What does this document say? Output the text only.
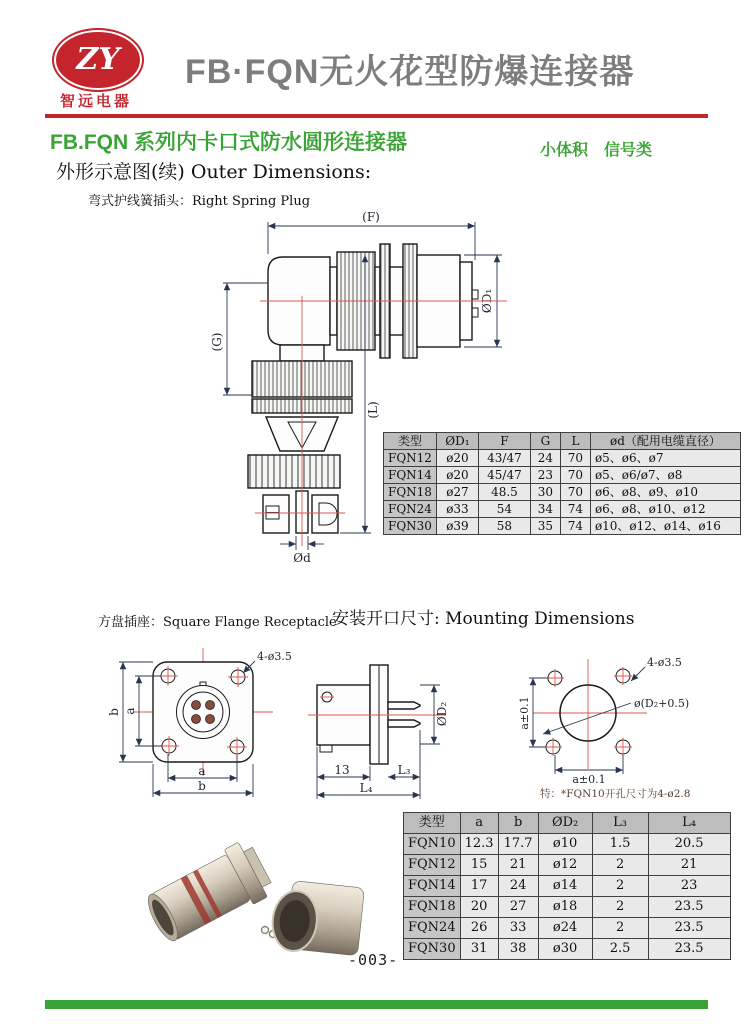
ZY
智远电器
FB·FQN无火花型防爆连接器
FB.FQN 系列内卡口式防水圆形连接器	小体积　信号类
外形示意图(续) Outer Dimensions:
弯式护线簧插头：Right Spring Plug
(F)
ØD₁
(G)
(L)
Ød
类型	ØD₁	F	G	L	ød（配用电缆直径）
FQN12	ø20	43/47	24	70	ø5、ø6、ø7
FQN14	ø20	45/47	23	70	ø5、ø6/ø7、ø8
FQN18	ø27	48.5	30	70	ø6、ø8、ø9、ø10
FQN24	ø33	54	34	74	ø6、ø8、ø10、ø12
FQN30	ø39	58	35	74	ø10、ø12、ø14、ø16
方盘插座：Square Flange Receptacle
安装开口尺寸: Mounting Dimensions
4-ø3.5
b a
a
b
ØD₂
13	L₃
L₄
4-ø3.5
ø(D₂+0.5)
a±0.1
a±0.1
特：*FQN10开孔尺寸为4-ø2.8
类型	a	b	ØD₂	L₃	L₄
FQN10	12.3	17.7	ø10	1.5	20.5
FQN12	15	21	ø12	2	21
FQN14	17	24	ø14	2	23
FQN18	20	27	ø18	2	23.5
FQN24	26	33	ø24	2	23.5
FQN30	31	38	ø30	2.5	23.5
-003-
